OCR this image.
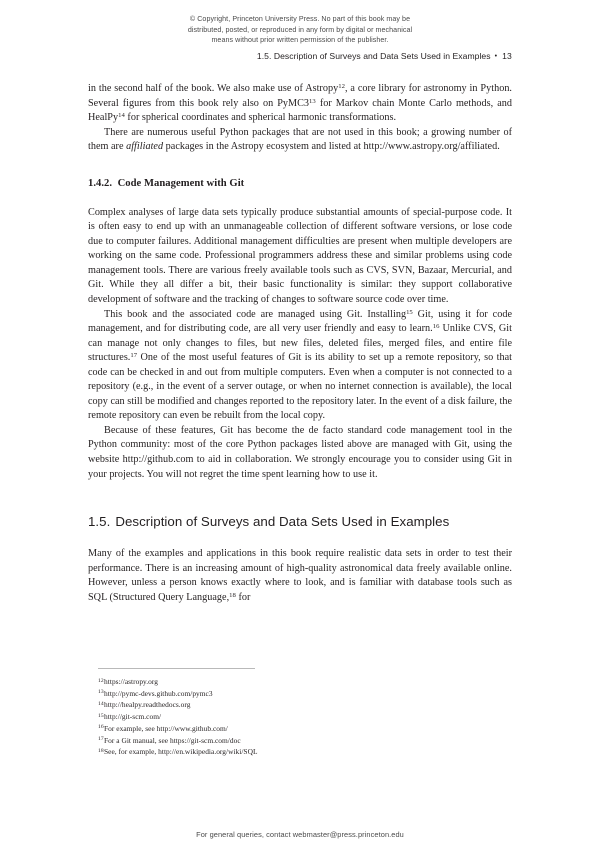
© Copyright, Princeton University Press. No part of this book may be
distributed, posted, or reproduced in any form by digital or mechanical
means without prior written permission of the publisher.
1.5. Description of Surveys and Data Sets Used in Examples • 13

in the second half of the book. We also make use of Astropy$^{12}$, a core library for astronomy in Python. Several figures from this book rely also on $PyMC3^{13}$ for Markov chain Monte Carlo methods, and HealPy$^{14}$ for spherical coordinates and spherical harmonic transformations.

There are numerous useful Python packages that are not used in this book; a growing number of them are affiliated packages in the Astropy ecosystem and listed at http://www.astropy.org/affiliated.

1.4.2. Code Management with Git

Complex analyses of large data sets typically produce substantial amounts of special-purpose code. It is often easy to end up with an unmanageable collection of different software versions, or lose code due to computer failures. Additional management difficulties are present when multiple developers are working on the same code. Professional programmers address these and similar problems using code management tools. There are various freely available tools such as CVS, SVN, Bazaar, Mercurial, and Git. While they all differ a bit, their basic functionality is similar: they support collaborative development of software and the tracking of changes to software source code over time.

This book and the associated code are managed using Git. Installing$^{15}$ Git, using it for code management, and for distributing code, are all very user friendly and easy to learn.$^{16}$ Unlike CVS, Git can manage not only changes to files, but new files, deleted files, merged files, and entire file structures.$^{17}$ One of the most useful features of Git is its ability to set up a remote repository, so that code can be checked in and out from multiple computers. Even when a computer is not connected to a repository (e.g., in the event of a server outage, or when no internet connection is available), the local copy can still be modified and changes reported to the repository later. In the event of a disk failure, the remote repository can even be rebuilt from the local copy.

Because of these features, Git has become the de facto standard code management tool in the Python community: most of the core Python packages listed above are managed with Git, using the website http://github.com to aid in collaboration. We strongly encourage you to consider using Git in your projects. You will not regret the time spent learning how to use it.

1.5. Description of Surveys and Data Sets Used in Examples

Many of the examples and applications in this book require realistic data sets in order to test their performance. There is an increasing amount of high-quality astronomical data freely available online. However, unless a person knows exactly where to look, and is familiar with database tools such as SQL (Structured Query Language,$^{18}$ for

$^{12}$https://astropy.org
$^{13}$http://pymc-devs.github.com/pymc3
$^{14}$http://healpy.readthedocs.org
$^{15}$http://git-scm.com/
$^{16}$For example, see http://www.github.com/
$^{17}$For a Git manual, see https://git-scm.com/doc
$^{18}$See, for example, http://en.wikipedia.org/wiki/SQL
For general queries, contact webmaster@press.princeton.edu
